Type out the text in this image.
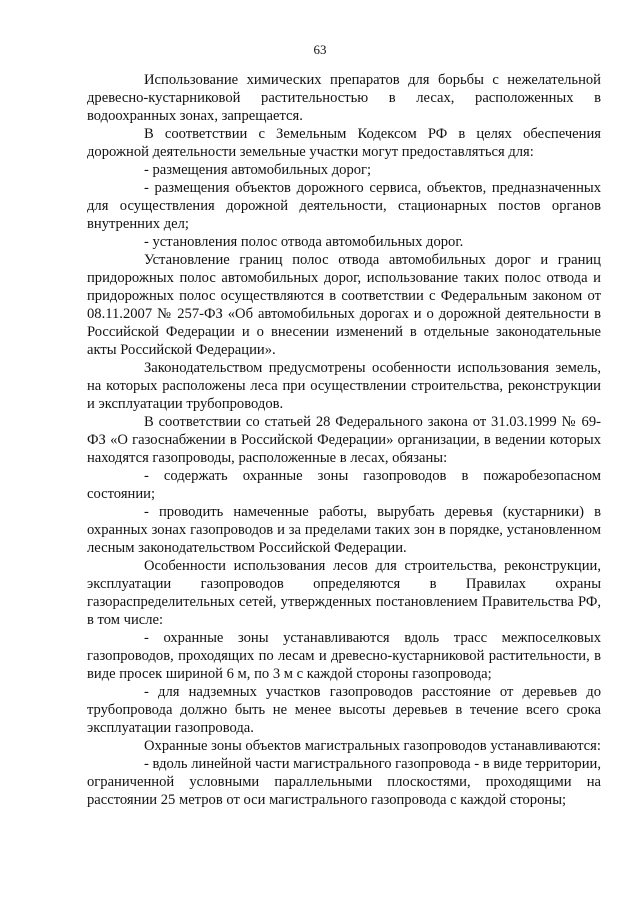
63

Использование химических препаратов для борьбы с нежелательной древесно-кустарниковой растительностью в лесах, расположенных в водоохранных зонах, запрещается.

В соответствии с Земельным Кодексом РФ в целях обеспечения дорожной деятельности земельные участки могут предоставляться для:

- размещения автомобильных дорог;

- размещения объектов дорожного сервиса, объектов, предназначенных для осуществления дорожной деятельности, стационарных постов органов внутренних дел;

- установления полос отвода автомобильных дорог.

Установление границ полос отвода автомобильных дорог и границ придорожных полос автомобильных дорог, использование таких полос отвода и придорожных полос осуществляются в соответствии с Федеральным законом от 08.11.2007 № 257-ФЗ «Об автомобильных дорогах и о дорожной деятельности в Российской Федерации и о внесении изменений в отдельные законодательные акты Российской Федерации».

Законодательством предусмотрены особенности использования земель, на которых расположены леса при осуществлении строительства, реконструкции и эксплуатации трубопроводов.

В соответствии со статьей 28 Федерального закона от 31.03.1999 № 69-ФЗ «О газоснабжении в Российской Федерации» организации, в ведении которых находятся газопроводы, расположенные в лесах, обязаны:

- содержать охранные зоны газопроводов в пожаробезопасном состоянии;

- проводить намеченные работы, вырубать деревья (кустарники) в охранных зонах газопроводов и за пределами таких зон в порядке, установленном лесным законодательством Российской Федерации.

Особенности использования лесов для строительства, реконструкции, эксплуатации газопроводов определяются в Правилах охраны газораспределительных сетей, утвержденных постановлением Правительства РФ, в том числе:

- охранные зоны устанавливаются вдоль трасс межпоселковых газопроводов, проходящих по лесам и древесно-кустарниковой растительности, в виде просек шириной 6 м, по 3 м с каждой стороны газопровода;

- для надземных участков газопроводов расстояние от деревьев до трубопровода должно быть не менее высоты деревьев в течение всего срока эксплуатации газопровода.

Охранные зоны объектов магистральных газопроводов устанавливаются:

- вдоль линейной части магистрального газопровода - в виде территории, ограниченной условными параллельными плоскостями, проходящими на расстоянии 25 метров от оси магистрального газопровода с каждой стороны;
